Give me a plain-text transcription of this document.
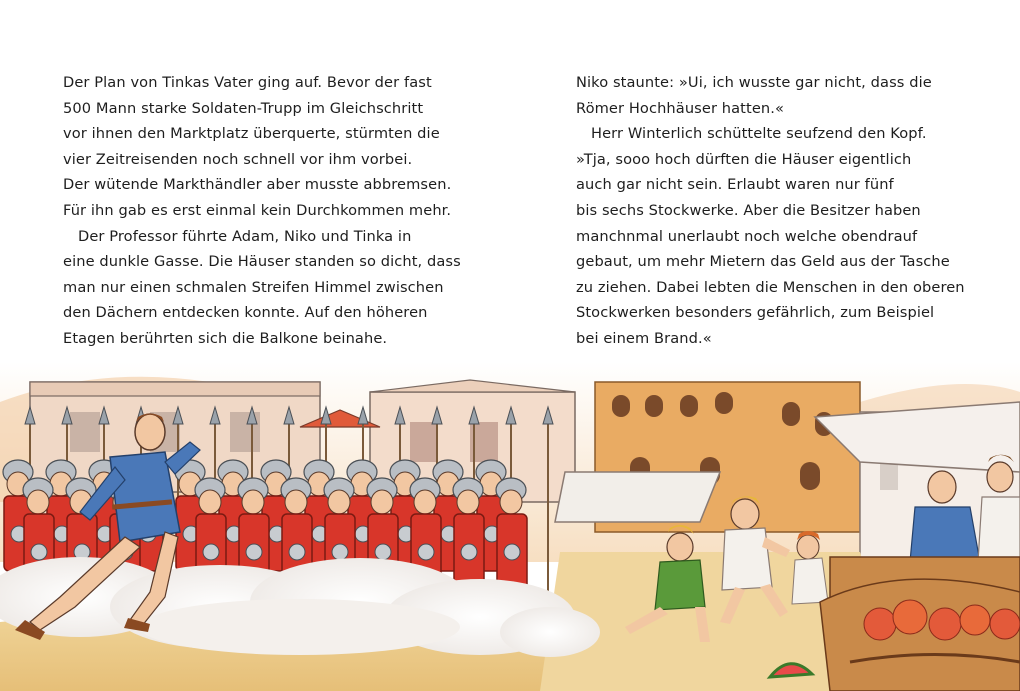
Der Plan von Tinkas Vater ging auf. Bevor der fast
500 Mann starke Soldaten-Trupp im Gleichschritt
vor ihnen den Marktplatz überquerte, stürmten die
vier Zeitreisenden noch schnell vor ihm vorbei.
Der wütende Markthändler aber musste abbremsen.
Für ihn gab es erst einmal kein Durchkommen mehr.
Der Professor führte Adam, Niko und Tinka in
eine dunkle Gasse. Die Häuser standen so dicht, dass
man nur einen schmalen Streifen Himmel zwischen
den Dächern entdecken konnte. Auf den höheren
Etagen berührten sich die Balkone beinahe.
Niko staunte: »Ui, ich wusste gar nicht, dass die
Römer Hochhäuser hatten.«
Herr Winterlich schüttelte seufzend den Kopf.
»Tja, sooo hoch dürften die Häuser eigentlich
auch gar nicht sein. Erlaubt waren nur fünf
bis sechs Stockwerke. Aber die Besitzer haben
manchnmal unerlaubt noch welche obendrauf
gebaut, um mehr Mietern das Geld aus der Tasche
zu ziehen. Dabei lebten die Menschen in den oberen
Stockwerken besonders gefährlich, zum Beispiel
bei einem Brand.«
